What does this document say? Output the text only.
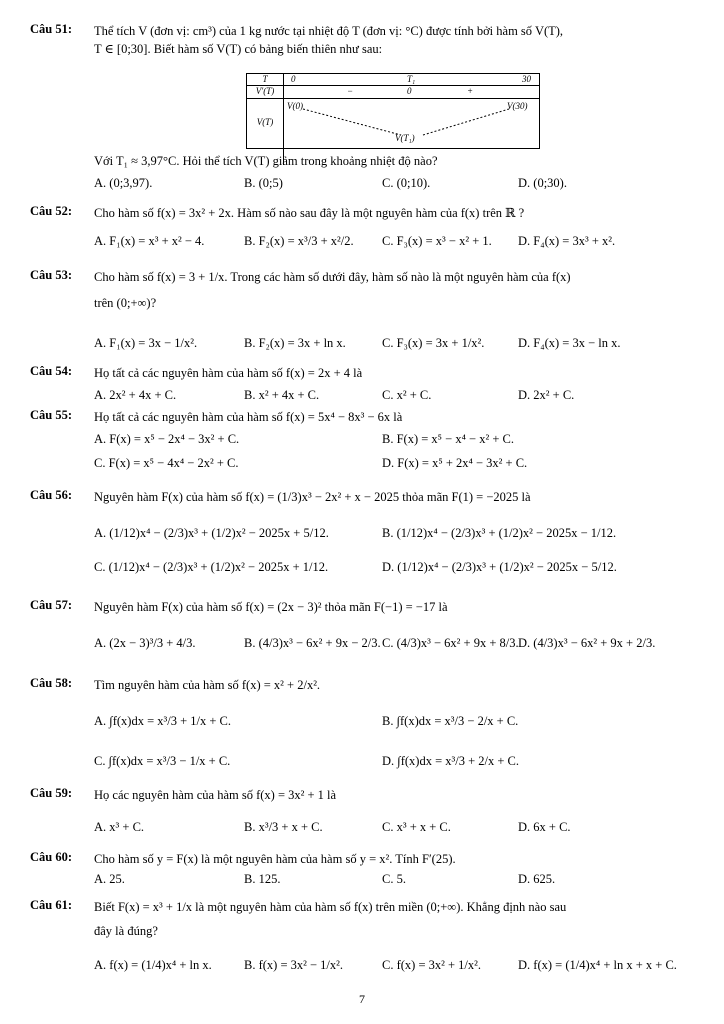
Câu 51: Thể tích V (đơn vị: cm³) của 1 kg nước tại nhiệt độ T (đơn vị: °C) được tính bởi hàm số V(T),
T ∈ [0;30]. Biết hàm số V(T) có bảng biến thiên như sau:
T	0	T₁	30
V′(T)	−	0	+
V(T)
V(0)	V(30)
V(T₁)
Với T₁ ≈ 3,97°C. Hỏi thể tích V(T) giảm trong khoảng nhiệt độ nào?
A. (0;3,97).	B. (0;5)	C. (0;10).	D. (0;30).
Câu 52: Cho hàm số f(x) = 3x² + 2x. Hàm số nào sau đây là một nguyên hàm của f(x) trên ℝ ?
A. F₁(x) = x³ + x² − 4.	B. F₂(x) = x³/3 + x²/2. C. F₃(x) = x³ − x² + 1. D. F₄(x) = 3x³ + x².
Câu 53: Cho hàm số f(x) = 3 + 1/x. Trong các hàm số dưới đây, hàm số nào là một nguyên hàm của f(x)
trên (0;+∞)?
A. F₁(x) = 3x − 1/x².	B. F₂(x) = 3x + ln x.	C. F₃(x) = 3x + 1/x².	D. F₄(x) = 3x − ln x.
Câu 54: Họ tất cả các nguyên hàm của hàm số f(x) = 2x + 4 là
A. 2x² + 4x + C.	B. x² + 4x + C.	C. x² + C.	D. 2x² + C.
Câu 55: Họ tất cả các nguyên hàm của hàm số f(x) = 5x⁴ − 8x³ − 6x là
A. F(x) = x⁵ − 2x⁴ − 3x² + C.	B. F(x) = x⁵ − x⁴ − x² + C.
C. F(x) = x⁵ − 4x⁴ − 2x² + C.	D. F(x) = x⁵ + 2x⁴ − 3x² + C.
Câu 56: Nguyên hàm F(x) của hàm số f(x) = (1/3)x³ − 2x² + x − 2025 thỏa mãn F(1) = −2025 là
A. (1/12)x⁴ − (2/3)x³ + (1/2)x² − 2025x + 5/12.	B. (1/12)x⁴ − (2/3)x³ + (1/2)x² − 2025x − 1/12.
C. (1/12)x⁴ − (2/3)x³ + (1/2)x² − 2025x + 1/12.	D. (1/12)x⁴ − (2/3)x³ + (1/2)x² − 2025x − 5/12.
Câu 57: Nguyên hàm F(x) của hàm số f(x) = (2x − 3)² thỏa mãn F(−1) = −17 là
A. (2x − 3)³/3 + 4/3.	B. (4/3)x³ − 6x² + 9x − 2/3. C. (4/3)x³ − 6x² + 9x + 8/3. D. (4/3)x³ − 6x² + 9x + 2/3.
Câu 58: Tìm nguyên hàm của hàm số f(x) = x² + 2/x².
A. ∫f(x)dx = x³/3 + 1/x + C.	B. ∫f(x)dx = x³/3 − 2/x + C.
C. ∫f(x)dx = x³/3 − 1/x + C.	D. ∫f(x)dx = x³/3 + 2/x + C.
Câu 59: Họ các nguyên hàm của hàm số f(x) = 3x² + 1 là
A. x³ + C.	B. x³/3 + x + C.	C. x³ + x + C.	D. 6x + C.
Câu 60: Cho hàm số y = F(x) là một nguyên hàm của hàm số y = x². Tính F′(25).
A. 25.	B. 125.	C. 5.	D. 625.
Câu 61: Biết F(x) = x³ + 1/x là một nguyên hàm của hàm số f(x) trên miền (0;+∞). Khẳng định nào sau
đây là đúng?
A. f(x) = (1/4)x⁴ + ln x.	B. f(x) = 3x² − 1/x².	C. f(x) = 3x² + 1/x².	D. f(x) = (1/4)x⁴ + ln x + x + C.
7
